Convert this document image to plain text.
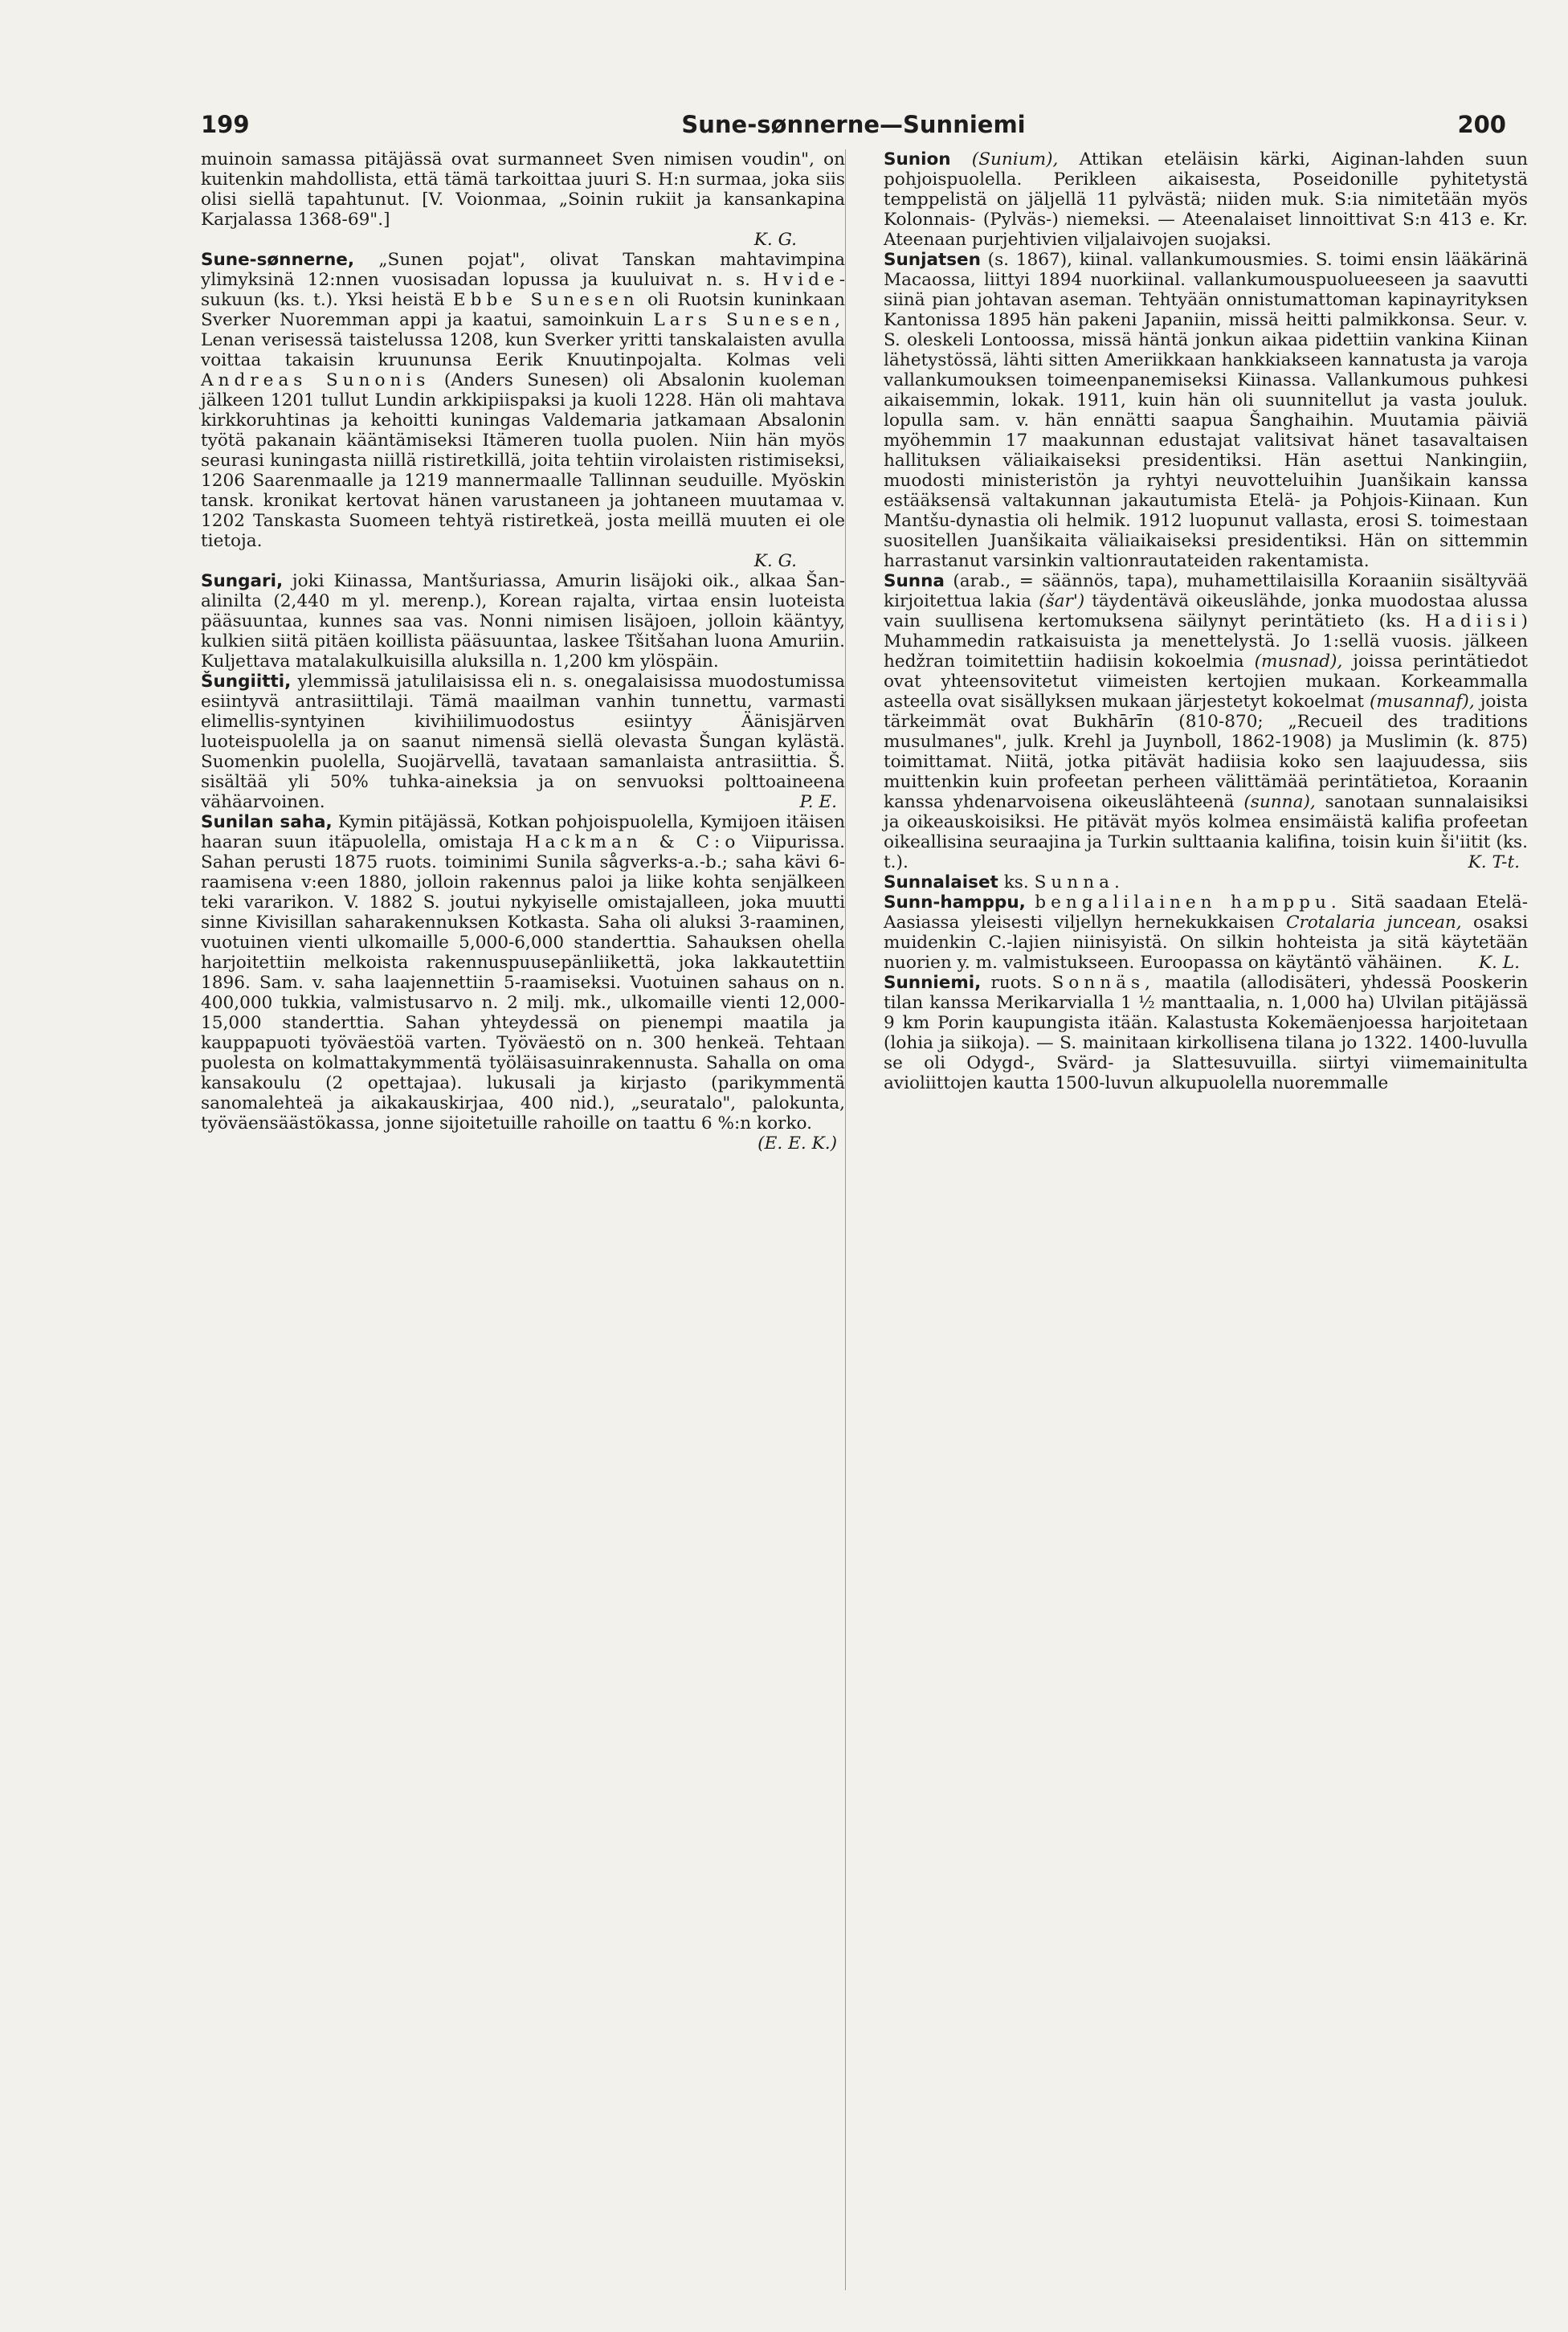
199	Sune-sønnerne—Sunniemi	200

muinoin samassa pitäjässä ovat surmanneet Sven nimisen voudin", on kuitenkin mahdollista, että tämä tarkoittaa juuri S. H:n surmaa, joka siis olisi siellä tapahtunut. [V. Voionmaa, „Soinin rukiit ja kansankapina Karjalassa 1368-69".]

K. G.

Sune-sønnerne, „Sunen pojat", olivat Tanskan mahtavimpina ylimyksinä 12:nnen vuosisadan lopussa ja kuuluivat n. s. Hvide-sukuun (ks. t.). Yksi heistä Ebbe Sunesen oli Ruotsin kuninkaan Sverker Nuoremman appi ja kaatui, samoinkuin Lars Sunesen, Lenan verisessä taistelussa 1208, kun Sverker yritti tanskalaisten avulla voittaa takaisin kruununsa Eerik Knuutinpojalta. Kolmas veli Andreas Sunonis (Anders Sunesen) oli Absalonin kuoleman jälkeen 1201 tullut Lundin arkkipiispaksi ja kuoli 1228. Hän oli mahtava kirkkoruhtinas ja kehoitti kuningas Valdemaria jatkamaan Absalonin työtä pakanain kääntämiseksi Itämeren tuolla puolen. Niin hän myös seurasi kuningasta niillä ristiretkillä, joita tehtiin virolaisten ristimiseksi, 1206 Saarenmaalle ja 1219 mannermaalle Tallinnan seuduille. Myöskin tansk. kronikat kertovat hänen varustaneen ja johtaneen muutamaa v. 1202 Tanskasta Suomeen tehtyä ristiretkeä, josta meillä muuten ei ole tietoja.

K. G.

Sungari, joki Kiinassa, Mantšuriassa, Amurin lisäjoki oik., alkaa Šan-alinilta (2,440 m yl. merenp.), Korean rajalta, virtaa ensin luoteista pääsuuntaa, kunnes saa vas. Nonni nimisen lisäjoen, jolloin kääntyy, kulkien siitä pitäen koillista pääsuuntaa, laskee Tšitšahan luona Amuriin. Kuljettava matalakulkuisilla aluksilla n. 1,200 km ylöspäin.

Šungiitti, ylemmissä jatulilaisissa eli n. s. onegalaisissa muodostumissa esiintyvä antrasiittilaji. Tämä maailman vanhin tunnettu, varmasti elimellis-syntyinen kivihiilimuodostus esiintyy Äänisjärven luoteispuolella ja on saanut nimensä siellä olevasta Šungan kylästä. Suomenkin puolella, Suojärvellä, tavataan samanlaista antrasiittia. Š. sisältää yli 50% tuhka-aineksia ja on senvuoksi polttoaineena vähäarvoinen.	P. E.

Sunilan saha, Kymin pitäjässä, Kotkan pohjoispuolella, Kymijoen itäisen haaran suun itäpuolella, omistaja Hackman & C:o Viipurissa. Sahan perusti 1875 ruots. toiminimi Sunila sågverks-a.-b.; saha kävi 6-raamisena v:een 1880, jolloin rakennus paloi ja liike kohta senjälkeen teki vararikon. V. 1882 S. joutui nykyiselle omistajalleen, joka muutti sinne Kivisillan saharakennuksen Kotkasta. Saha oli aluksi 3-raaminen, vuotuinen vienti ulkomaille 5,000-6,000 standerttia. Sahauksen ohella harjoitettiin melkoista rakennuspuusepänliikettä, joka lakkautettiin 1896. Sam. v. saha laajennettiin 5-raamiseksi. Vuotuinen sahaus on n. 400,000 tukkia, valmistusarvo n. 2 milj. mk., ulkomaille vienti 12,000-15,000 standerttia. Sahan yhteydessä on pienempi maatila ja kauppapuoti työväestöä varten. Työväestö on n. 300 henkeä. Tehtaan puolesta on kolmattakymmentä työläisasuinrakennusta. Sahalla on oma kansakoulu (2 opettajaa). lukusali ja kirjasto (parikymmentä sanomalehteä ja aikakauskirjaa, 400 nid.), „seuratalo", palokunta, työväensäästökassa, jonne sijoitetuille rahoille on taattu 6 %:n korko.
(E. E. K.)

Sunion (Sunium), Attikan eteläisin kärki, Aiginan-lahden suun pohjoispuolella. Perikleen aikaisesta, Poseidonille pyhitetystä temppelistä on jäljellä 11 pylvästä; niiden muk. S:ia nimitetään myös Kolonnais- (Pylväs-) niemeksi. — Ateenalaiset linnoittivat S:n 413 e. Kr. Ateenaan purjehtivien viljalaivojen suojaksi.

Sunjatsen (s. 1867), kiinal. vallankumousmies. S. toimi ensin lääkärinä Macaossa, liittyi 1894 nuorkiinal. vallankumouspuolueeseen ja saavutti siinä pian johtavan aseman. Tehtyään onnistumattoman kapinayrityksen Kantonissa 1895 hän pakeni Japaniin, missä heitti palmikkonsa. Seur. v. S. oleskeli Lontoossa, missä häntä jonkun aikaa pidettiin vankina Kiinan lähetystössä, lähti sitten Ameriikkaan hankkiakseen kannatusta ja varoja vallankumouksen toimeenpanemiseksi Kiinassa. Vallankumous puhkesi aikaisemmin, lokak. 1911, kuin hän oli suunnitellut ja vasta jouluk. lopulla sam. v. hän ennätti saapua Šanghaihin. Muutamia päiviä myöhemmin 17 maakunnan edustajat valitsivat hänet tasavaltaisen hallituksen väliaikaiseksi presidentiksi. Hän asettui Nankingiin, muodosti ministeristön ja ryhtyi neuvotteluihin Juanšikain kanssa estääksensä valtakunnan jakautumista Etelä- ja Pohjois-Kiinaan. Kun Mantšu-dynastia oli helmik. 1912 luopunut vallasta, erosi S. toimestaan suositellen Juanšikaita väliaikaiseksi presidentiksi. Hän on sittemmin harrastanut varsinkin valtionrautateiden rakentamista.

Sunna (arab., = säännös, tapa), muhamettilaisilla Koraaniin sisältyvää kirjoitettua lakia (šar') täydentävä oikeuslähde, jonka muodostaa alussa vain suullisena kertomuksena säilynyt perintätieto (ks. Hadiisi) Muhammedin ratkaisuista ja menettelystä. Jo 1:sellä vuosis. jälkeen hedžran toimitettiin hadiisin kokoelmia (musnad), joissa perintätiedot ovat yhteensovitetut viimeisten kertojien mukaan. Korkeammalla asteella ovat sisällyksen mukaan järjestetyt kokoelmat (musannaf), joista tärkeimmät ovat Bukhārīn (810-870; „Recueil des traditions musulmanes", julk. Krehl ja Juynboll, 1862-1908) ja Muslimin (k. 875) toimittamat. Niitä, jotka pitävät hadiisia koko sen laajuudessa, siis muittenkin kuin profeetan perheen välittämää perintätietoa, Koraanin kanssa yhdenarvoisena oikeuslähteenä (sunna), sanotaan sunnalaisiksi ja oikeauskoisiksi. He pitävät myös kolmea ensimäistä kalifia profeetan oikeallisina seuraajina ja Turkin sulttaania kalifina, toisin kuin ši'iitit (ks. t.).	K. T-t.

Sunnalaiset ks. Sunna.

Sunn-hamppu, bengalilainen hamppu. Sitä saadaan Etelä-Aasiassa yleisesti viljellyn hernekukkaisen Crotalaria juncean, osaksi muidenkin C.-lajien niinisyistä. On silkin hohteista ja sitä käytetään nuorien y. m. valmistukseen. Euroopassa on käytäntö vähäinen. K. L.

Sunniemi, ruots. Sonnäs, maatila (allodisäteri, yhdessä Pooskerin tilan kanssa Merikarvialla 1 ½ manttaalia, n. 1,000 ha) Ulvilan pitäjässä 9 km Porin kaupungista itään. Kalastusta Kokemäenjoessa harjoitetaan (lohia ja siikoja). — S. mainitaan kirkollisena tilana jo 1322. 1400-luvulla se oli Odygd-, Svärd- ja Slattesuvuilla. siirtyi viimemainitulta avioliittojen kautta 1500-luvun alkupuolella nuoremmalle
